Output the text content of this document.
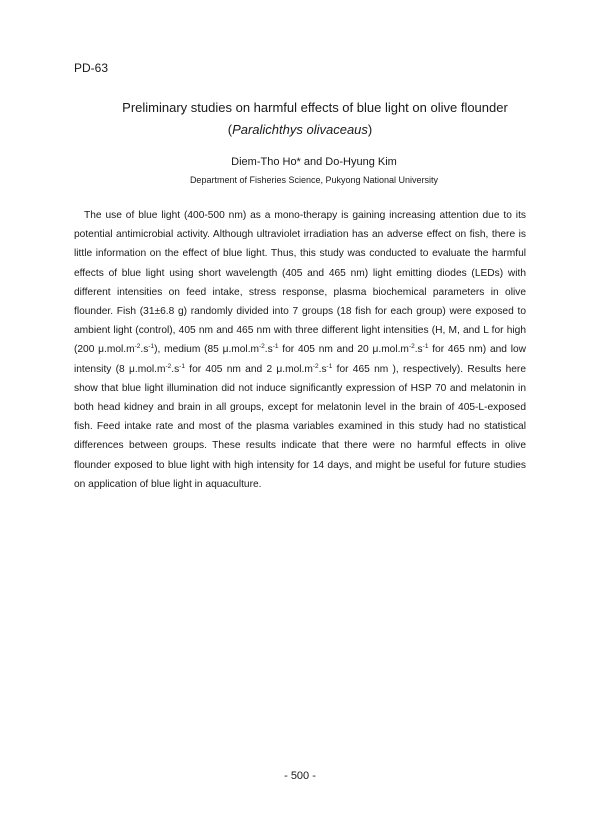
PD-63
Preliminary studies on harmful effects of blue light on olive flounder
(Paralichthys olivaceaus)
Diem-Tho Ho* and Do-Hyung Kim
Department of Fisheries Science, Pukyong National University

The use of blue light (400-500 nm) as a mono-therapy is gaining increasing attention due to its potential antimicrobial activity. Although ultraviolet irradiation has an adverse effect on fish, there is little information on the effect of blue light. Thus, this study was conducted to evaluate the harmful effects of blue light using short wavelength (405 and 465 nm) light emitting diodes (LEDs) with different intensities on feed intake, stress response, plasma biochemical parameters in olive flounder. Fish (31±6.8 g) randomly divided into 7 groups (18 fish for each group) were exposed to ambient light (control), 405 nm and 465 nm with three different light intensities (H, M, and L for high (200 $\mu.mol.m^{-2}.s^{-1}$), medium (85 $\mu.mol.m^{-2}.s^{-1}$ for 405 nm and 20 $\mu.mol.m^{-2}.s^{-1}$ for 465 nm) and low intensity (8 $\mu.mol.m^{-2}.s^{-1}$ for 405 nm and 2 $\mu.mol.m^{-2}.s^{-1}$ for 465 nm ), respectively). Results here show that blue light illumination did not induce significantly expression of HSP 70 and melatonin in both head kidney and brain in all groups, except for melatonin level in the brain of 405-L-exposed fish. Feed intake rate and most of the plasma variables examined in this study had no statistical differences between groups. These results indicate that there were no harmful effects in olive flounder exposed to blue light with high intensity for 14 days, and might be useful for future studies on application of blue light in aquaculture.

- 500 -
